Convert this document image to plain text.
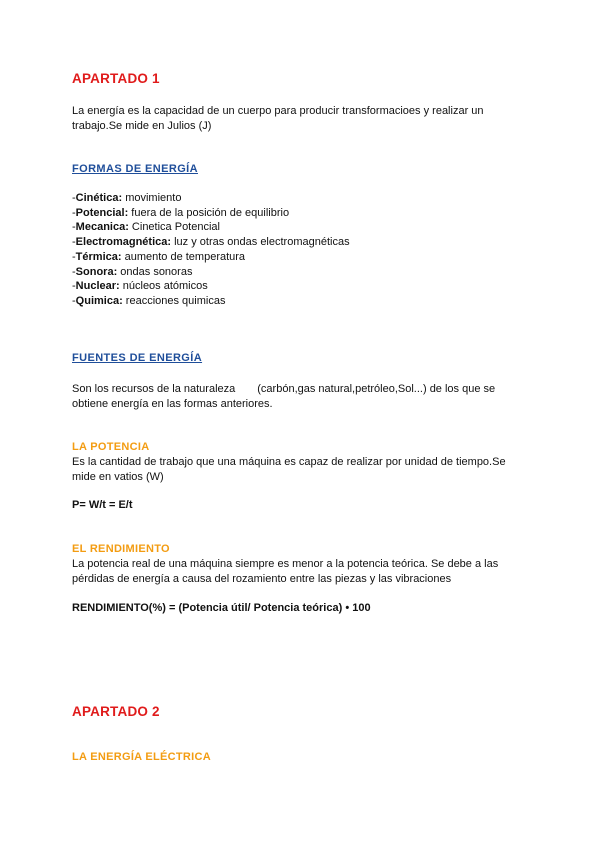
APARTADO 1
La energía es la capacidad de un cuerpo para producir transformacioes y realizar un
trabajo.Se mide en Julios (J)
FORMAS DE ENERGÍA
-Cinética: movimiento
-Potencial: fuera de la posición de equilibrio
-Mecanica: Cinetica Potencial
-Electromagnética: luz y otras ondas electromagnéticas
-Térmica: aumento de temperatura
-Sonora: ondas sonoras
-Nuclear: núcleos atómicos
-Quimica: reacciones quimicas
FUENTES DE ENERGÍA
Son los recursos de la naturaleza (carbón,gas natural,petróleo,Sol...) de los que se
obtiene energía en las formas anteriores.
LA POTENCIA
Es la cantidad de trabajo que una máquina es capaz de realizar por unidad de tiempo.Se
mide en vatios (W)
P= W/t = E/t
EL RENDIMIENTO
La potencia real de una máquina siempre es menor a la potencia teórica. Se debe a las
pérdidas de energía a causa del rozamiento entre las piezas y las vibraciones
RENDIMIENTO(%) = (Potencia útil/ Potencia teórica) • 100
APARTADO 2
LA ENERGÍA ELÉCTRICA
